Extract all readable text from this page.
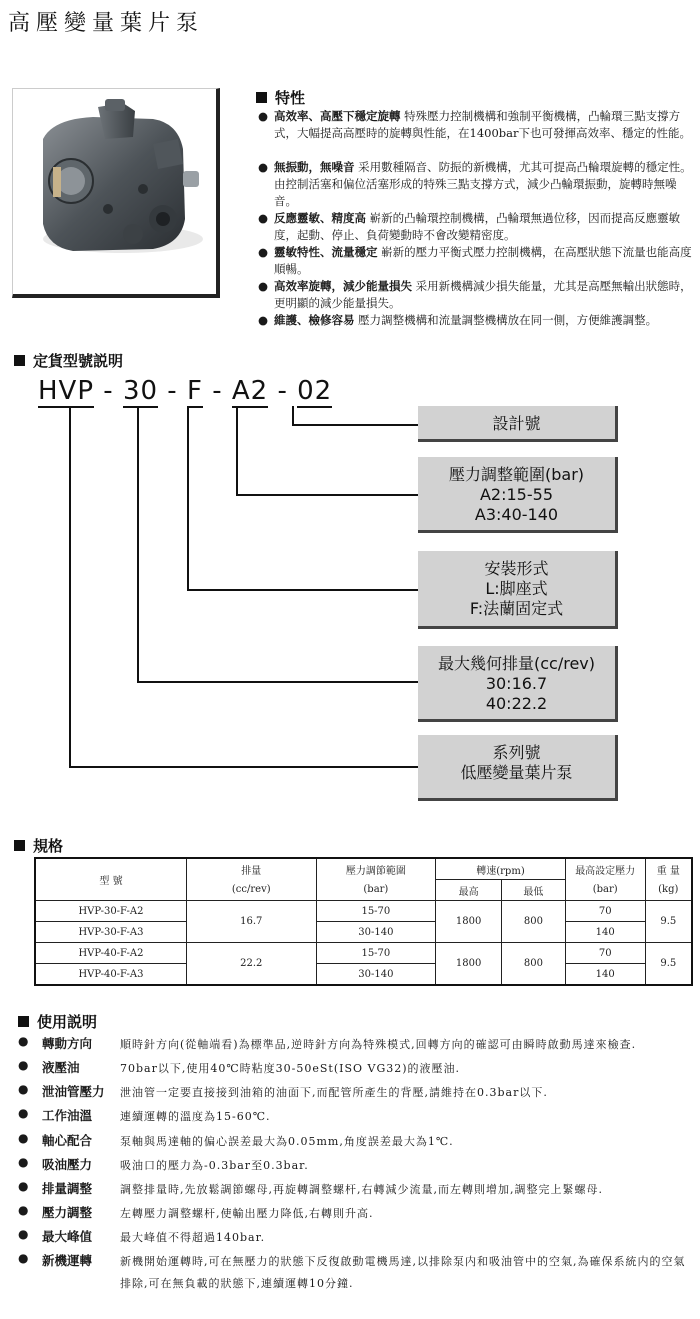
高壓變量葉片泵
特性
● 高效率、高壓下穩定旋轉 特殊壓力控制機構和強制平衡機構，凸輪環三點支撐方式，大幅提高高壓時的旋轉與性能，在1400bar下也可發揮高效率、穩定的性能。
● 無振動，無噪音 采用數種隔音、防振的新機構，尤其可提高凸輪環旋轉的穩定性。由控制活塞和偏位活塞形成的特殊三點支撐方式，減少凸輪環振動，旋轉時無噪音。
● 反應靈敏、精度高 嶄新的凸輪環控制機構，凸輪環無過位移，因而提高反應靈敏度，起動、停止、負荷變動時不會改變精密度。
● 靈敏特性、流量穩定 嶄新的壓力平衡式壓力控制機構，在高壓狀態下流量也能高度順暢。
● 高效率旋轉，減少能量損失 采用新機構減少損失能量，尤其是高壓無輸出狀態時，更明顯的減少能量損失。
● 維護、檢修容易 壓力調整機構和流量調整機構放在同一側，方便維護調整。
定貨型號説明
HVP - 30 - F - A2 - 02
設計號
壓力調整範圍(bar)
A2:15-55
A3:40-140
安裝形式
L:脚座式
F:法蘭固定式
最大幾何排量(cc/rev)
30:16.7
40:22.2
系列號
低壓變量葉片泵
規格
型 號	排量	壓力調節範圍	轉速(rpm)		最高設定壓力	重 量
	(cc/rev)	(bar)	最高	最低	(bar)	(kg)
HVP-30-F-A2	16.7	15-70	1800	800	70	9.5
HVP-30-F-A3		30-140			140	
HVP-40-F-A2	22.2	15-70	1800	800	70	9.5
HVP-40-F-A3		30-140			140	
使用説明
● 轉動方向	順時針方向(從軸端看)為標準品,逆時針方向為特殊模式,回轉方向的確認可由瞬時啟動馬達來檢查.
● 液壓油	70bar以下,使用40℃時粘度30-50eSt(ISO VG32)的液壓油.
● 泄油管壓力 泄油管一定要直接接到油箱的油面下,而配管所產生的背壓,請維持在0.3bar以下.
● 工作油溫	連續運轉的溫度為15-60℃.
● 軸心配合	泵軸與馬達軸的偏心誤差最大為0.05mm,角度誤差最大為1℃.
● 吸油壓力	吸油口的壓力為-0.3bar至0.3bar.
● 排量調整	調整排量時,先放鬆調節螺母,再旋轉調整螺杆,右轉減少流量,而左轉則增加,調整完上緊螺母.
● 壓力調整	左轉壓力調整螺杆,使輸出壓力降低,右轉則升高.
● 最大峰值	最大峰值不得超過140bar.
● 新機運轉	新機開始運轉時,可在無壓力的狀態下反復啟動電機馬達,以排除泵内和吸油管中的空氣,為確保系統内的空氣排除,可在無負載的狀態下,連續運轉10分鐘.
